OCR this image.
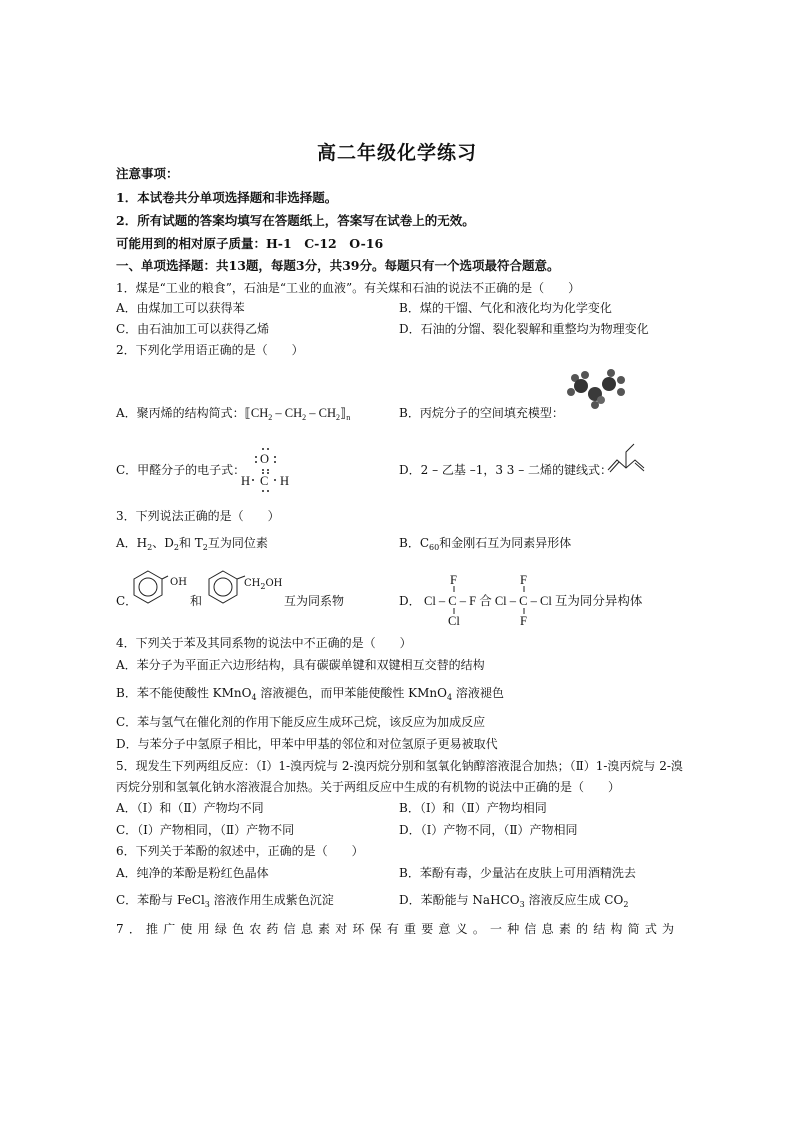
高二年级化学练习
注意事项：
1．本试卷共分单项选择题和非选择题。
2．所有试题的答案均填写在答题纸上，答案写在试卷上的无效。
可能用到的相对原子质量：H-1　C-12　O-16
一、单项选择题：共13题，每题3分，共39分。每题只有一个选项最符合题意。
1．煤是“工业的粮食”，石油是“工业的血液”。有关煤和石油的说法不正确的是（　　）
A．由煤加工可以获得苯	B．煤的干馏、气化和液化均为化学变化
C．由石油加工可以获得乙烯	D．石油的分馏、裂化裂解和重整均为物理变化
2．下列化学用语正确的是（　　）
A．聚丙烯的结构简式：$⟦CH_2 - CH_2$ – $CH_2⟧_n$	B．丙烷分子的空间填充模型：
C．甲醛分子的电子式：
O
H C H
D．2 – 乙基 –1，3 3 – 二烯的键线式：
3．下列说法正确的是（　　）
A．$H_2$、$D_2$和 $T_2$互为同位素	B．$C_{60}$和金刚石互为同素异形体
C．
OH
和
$CH_2OH$
互为同系物	D． Cl – C – F 合 Cl – C – Cl 互为同分异构体
F
Cl
F
F
4．下列关于苯及其同系物的说法中不正确的是（　　）
A．苯分子为平面正六边形结构，具有碳碳单键和双键相互交替的结构
B．苯不能使酸性 KMnO$_4$ 溶液褪色，而甲苯能使酸性 KMnO$_4$ 溶液褪色
C．苯与氢气在催化剂的作用下能反应生成环己烷，该反应为加成反应
D．与苯分子中氢原子相比，甲苯中甲基的邻位和对位氢原子更易被取代
5．现发生下列两组反应：（Ⅰ）1-溴丙烷与 2-溴丙烷分别和氢氧化钠醇溶液混合加热；（Ⅱ）1-溴丙烷与 2-溴
丙烷分别和氢氧化钠水溶液混合加热。关于两组反应中生成的有机物的说法中正确的是（　　）
A．（Ⅰ）和（Ⅱ）产物均不同	B．（Ⅰ）和（Ⅱ）产物均相同
C．（Ⅰ）产物相同，（Ⅱ）产物不同	D．（Ⅰ）产物不同，（Ⅱ）产物相同
6．下列关于苯酚的叙述中，正确的是（　　）
A．纯净的苯酚是粉红色晶体	B．苯酚有毒，少量沾在皮肤上可用酒精洗去
C．苯酚与 FeCl$_3$ 溶液作用生成紫色沉淀	D．苯酚能与 NaHCO$_3$ 溶液反应生成 $CO_2$
7．推广使用绿色农药信息素对环保有重要意义。一种信息素的结构简式为
